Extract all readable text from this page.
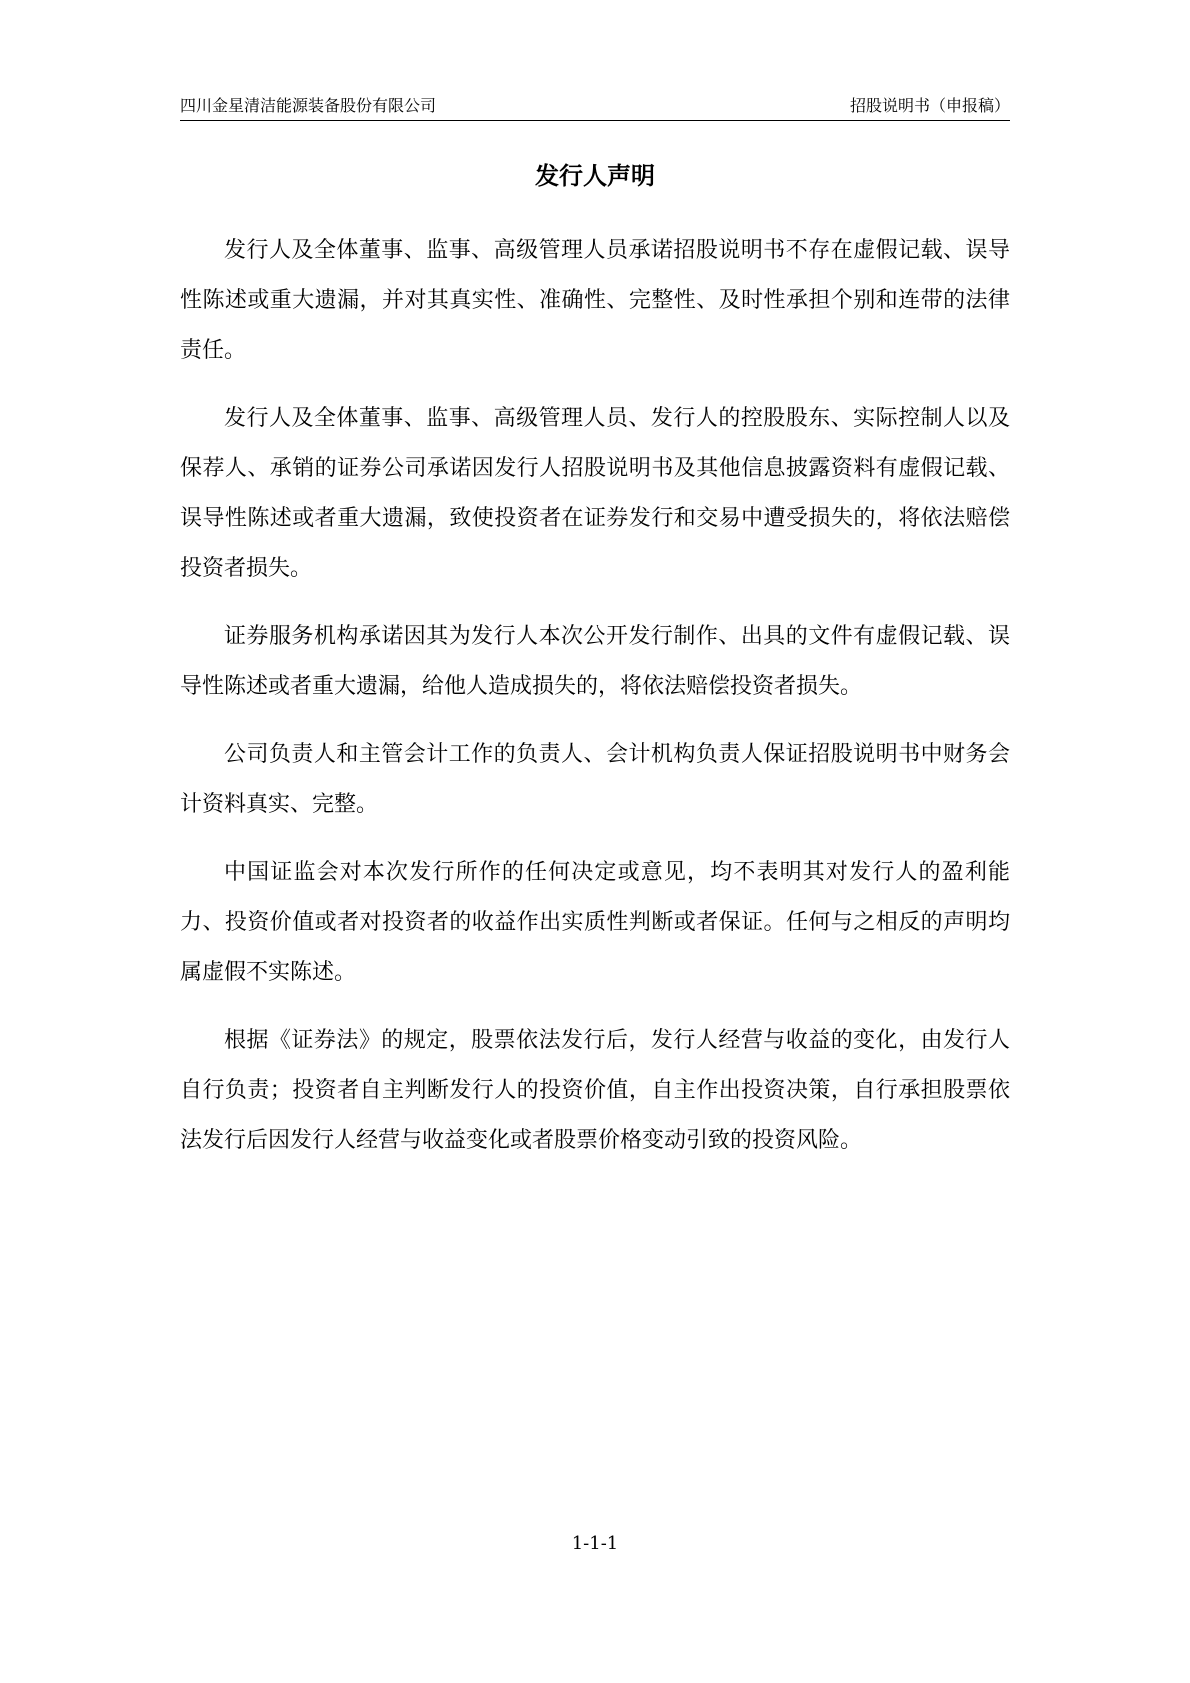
四川金星清洁能源装备股份有限公司	招股说明书（申报稿）
发行人声明

发行人及全体董事、监事、高级管理人员承诺招股说明书不存在虚假记载、误导性陈述或重大遗漏，并对其真实性、准确性、完整性、及时性承担个别和连带的法律责任。

发行人及全体董事、监事、高级管理人员、发行人的控股股东、实际控制人以及保荐人、承销的证券公司承诺因发行人招股说明书及其他信息披露资料有虚假记载、误导性陈述或者重大遗漏，致使投资者在证券发行和交易中遭受损失的，将依法赔偿投资者损失。

证券服务机构承诺因其为发行人本次公开发行制作、出具的文件有虚假记载、误导性陈述或者重大遗漏，给他人造成损失的，将依法赔偿投资者损失。

公司负责人和主管会计工作的负责人、会计机构负责人保证招股说明书中财务会计资料真实、完整。

中国证监会对本次发行所作的任何决定或意见，均不表明其对发行人的盈利能力、投资价值或者对投资者的收益作出实质性判断或者保证。任何与之相反的声明均属虚假不实陈述。

根据《证券法》的规定，股票依法发行后，发行人经营与收益的变化，由发行人自行负责；投资者自主判断发行人的投资价值，自主作出投资决策，自行承担股票依法发行后因发行人经营与收益变化或者股票价格变动引致的投资风险。

1-1-1
